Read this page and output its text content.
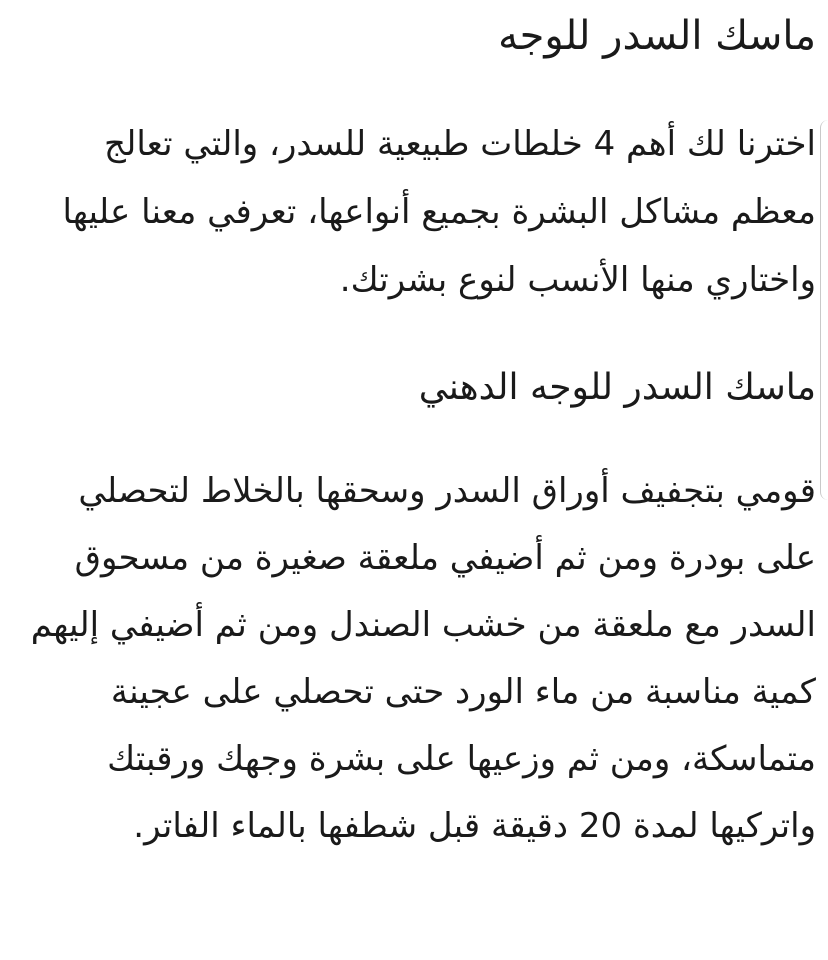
ماسك السدر للوجه

اخترنا لك أهم 4 خلطات طبيعية للسدر، والتي تعالج معظم مشاكل البشرة بجميع أنواعها، تعرفي معنا عليها واختاري منها الأنسب لنوع بشرتك.

ماسك السدر للوجه الدهني

قومي بتجفيف أوراق السدر وسحقها بالخلاط لتحصلي على بودرة ومن ثم أضيفي ملعقة صغيرة من مسحوق السدر مع ملعقة من خشب الصندل ومن ثم أضيفي إليهم كمية مناسبة من ماء الورد حتى تحصلي على عجينة متماسكة، ومن ثم وزعيها على بشرة وجهك ورقبتك واتركيها لمدة 20 دقيقة قبل شطفها بالماء الفاتر.
